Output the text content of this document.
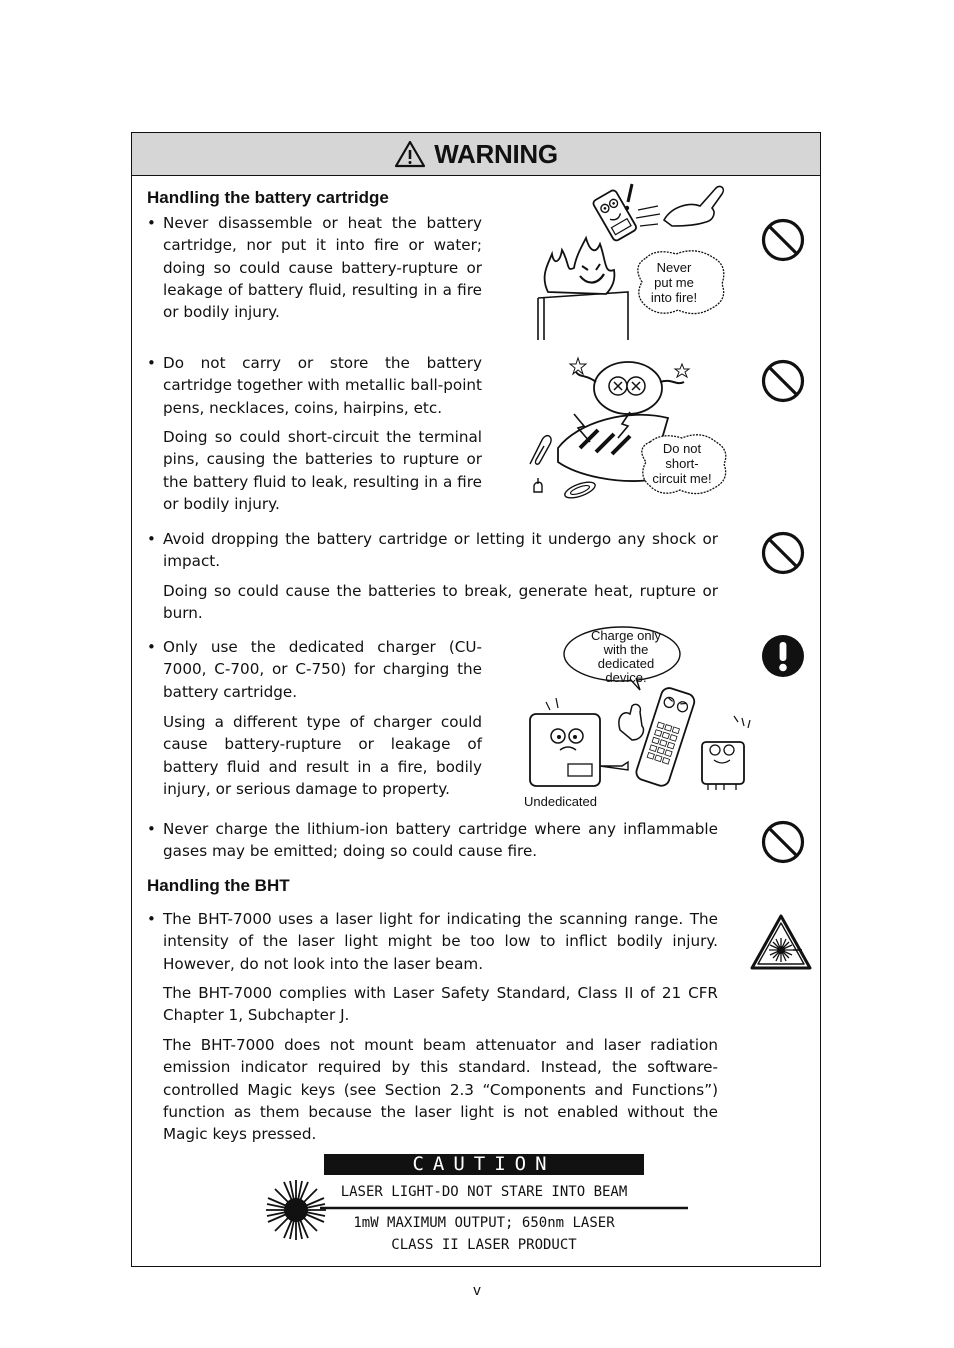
WARNING
Handling the battery cartridge
• Never disassemble or heat the battery cartridge, nor put it into fire or water; doing so could cause battery-rupture or leakage of battery fluid, resulting in a fire or bodily injury.
• Do not carry or store the battery cartridge together with metallic ball-point pens, necklaces, coins, hairpins, etc.
Doing so could short-circuit the terminal pins, causing the batteries to rupture or the battery fluid to leak, resulting in a fire or bodily injury.
• Avoid dropping the battery cartridge or letting it undergo any shock or impact.
Doing so could cause the batteries to break, generate heat, rupture or burn.
• Only use the dedicated charger (CU-7000, C-700, or C-750) for charging the battery cartridge.
Using a different type of charger could cause battery-rupture or leakage of battery fluid and result in a fire, bodily injury, or serious damage to property.
• Never charge the lithium-ion battery cartridge where any inflammable gases may be emitted; doing so could cause fire.
Handling the BHT
• The BHT-7000 uses a laser light for indicating the scanning range. The intensity of the laser light might be too low to inflict bodily injury. However, do not look into the laser beam.
The BHT-7000 complies with Laser Safety Standard, Class II of 21 CFR Chapter 1, Subchapter J.
The BHT-7000 does not mount beam attenuator and laser radiation emission indicator required by this standard. Instead, the software-controlled Magic keys (see Section 2.3 “Components and Functions”) function as them because the laser light is not enabled without the Magic keys pressed.
Never
put me
into fire!
Do not
short-
circuit me!
Charge only
with the
dedicated
device.
Undedicated
CAUTION
LASER LIGHT-DO NOT STARE INTO BEAM
1mW MAXIMUM OUTPUT; 650nm LASER
CLASS II LASER PRODUCT
v
